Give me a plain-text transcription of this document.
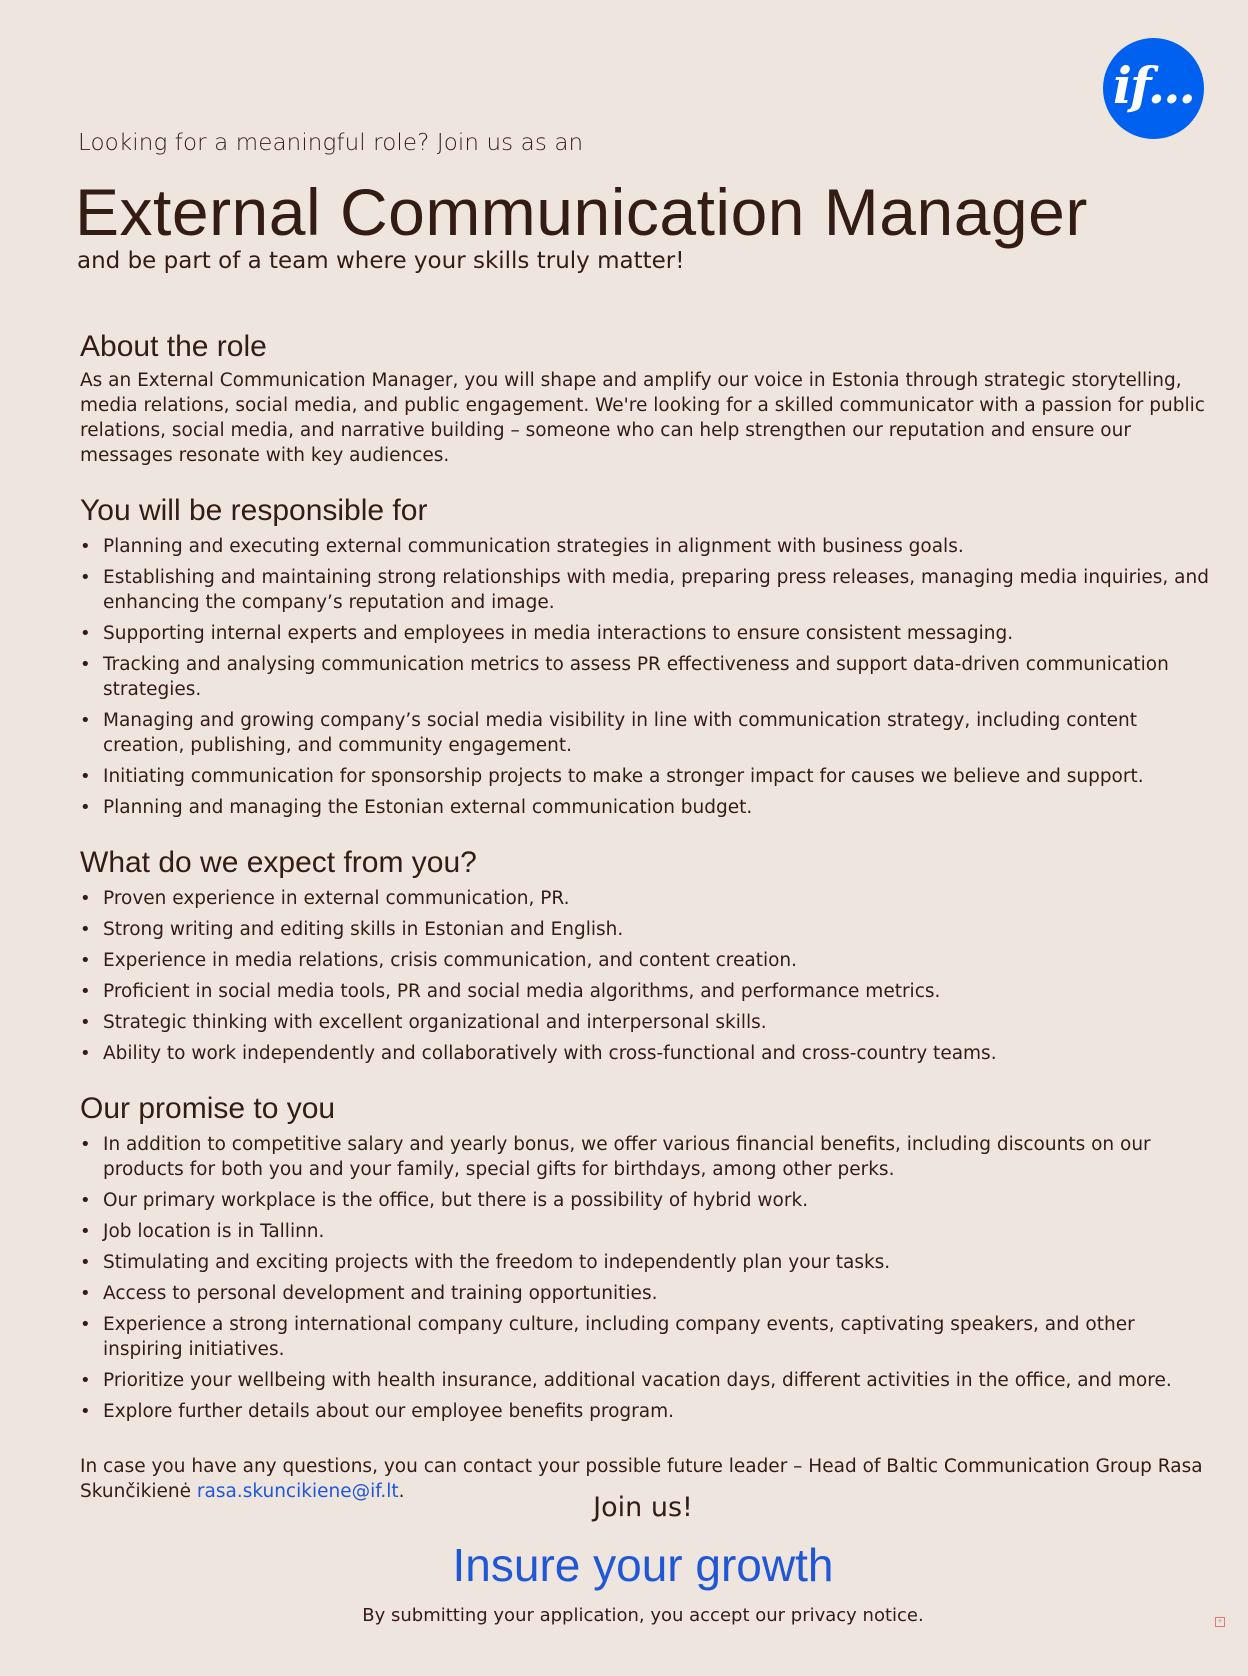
if...

Looking for a meaningful role? Join us as an

External Communication Manager

and be part of a team where your skills truly matter!

About the role

As an External Communication Manager, you will shape and amplify our voice in Estonia through strategic storytelling, media relations, social media, and public engagement. We're looking for a skilled communicator with a passion for public relations, social media, and narrative building – someone who can help strengthen our reputation and ensure our messages resonate with key audiences.

You will be responsible for
• Planning and executing external communication strategies in alignment with business goals.
• Establishing and maintaining strong relationships with media, preparing press releases, managing media inquiries, and enhancing the company’s reputation and image.
• Supporting internal experts and employees in media interactions to ensure consistent messaging.
• Tracking and analysing communication metrics to assess PR effectiveness and support data-driven communication strategies.
• Managing and growing company’s social media visibility in line with communication strategy, including content creation, publishing, and community engagement.
• Initiating communication for sponsorship projects to make a stronger impact for causes we believe and support.
• Planning and managing the Estonian external communication budget.
What do we expect from you?
• Proven experience in external communication, PR.
• Strong writing and editing skills in Estonian and English.
• Experience in media relations, crisis communication, and content creation.
• Proficient in social media tools, PR and social media algorithms, and performance metrics.
• Strategic thinking with excellent organizational and interpersonal skills.
• Ability to work independently and collaboratively with cross-functional and cross-country teams.
Our promise to you
• In addition to competitive salary and yearly bonus, we offer various financial benefits, including discounts on our products for both you and your family, special gifts for birthdays, among other perks.
• Our primary workplace is the office, but there is a possibility of hybrid work.
• Job location is in Tallinn.
• Stimulating and exciting projects with the freedom to independently plan your tasks.
• Access to personal development and training opportunities.
• Experience a strong international company culture, including company events, captivating speakers, and other inspiring initiatives.
• Prioritize your wellbeing with health insurance, additional vacation days, different activities in the office, and more.
• Explore further details about our employee benefits program.

In case you have any questions, you can contact your possible future leader – Head of Baltic Communication Group Rasa Skunčikienė rasa.skuncikiene@if.lt.

Join us!

Insure your growth

By submitting your application, you accept our privacy notice.	+
